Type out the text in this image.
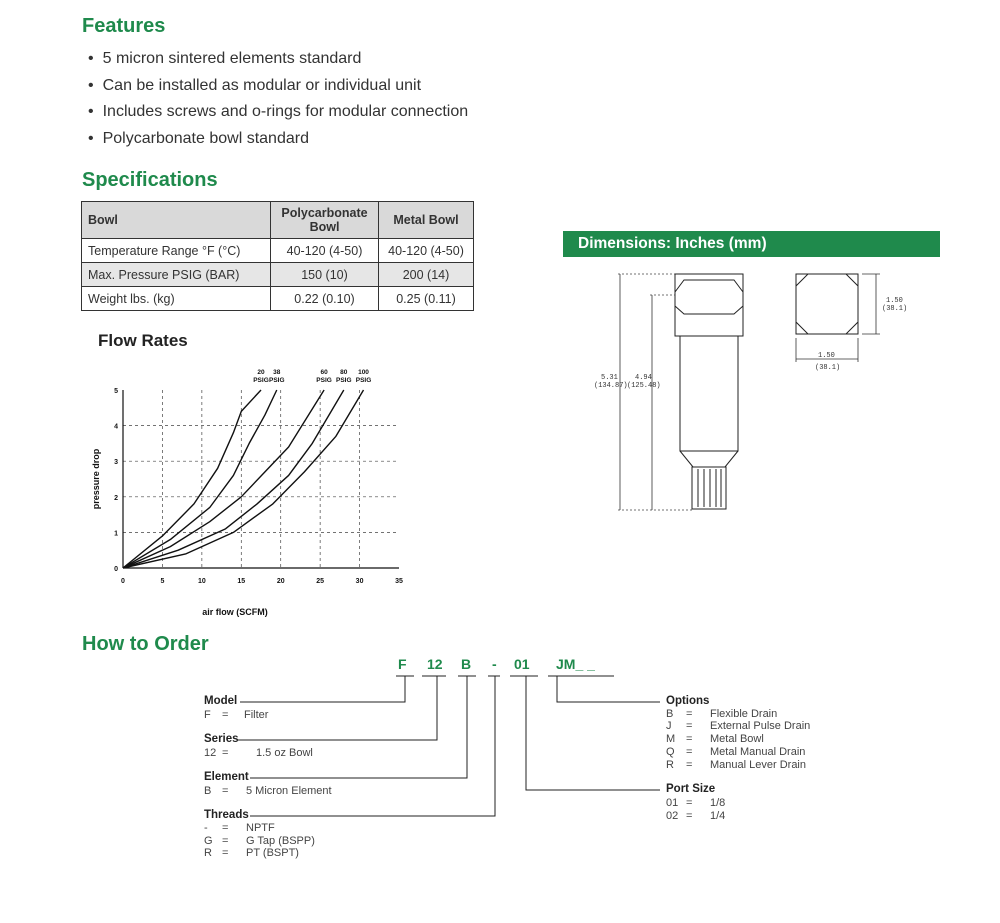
Features
• 5 micron sintered elements standard
• Can be installed as modular or individual unit
• Includes screws and o-rings for modular connection
• Polycarbonate bowl standard
Specifications
Bowl	Polycarbonate Bowl	Metal Bowl
Temperature Range °F (°C)	40-120 (4-50)	40-120 (4-50)
Max. Pressure PSIG (BAR)	150 (10)	200 (14)
Weight lbs. (kg)	0.22 (0.10)	0.25 (0.11)
Flow Rates
0	5	10	15	20	25	30	35
0
1
2
3
4
5
air flow (SCFM)
pressure drop
20
PSIG
38
PSIG
60
PSIG
80
PSIG
100
PSIG
Dimensions: Inches (mm)
5.31
(134.87)
4.94
(125.48)
1.50
(38.1)
1.50
(38.1)
How to Order
F 12 B - 01 JM_ _
Model
F = Filter
Series
12 =	1.5 oz Bowl
Element
B = 5 Micron Element
Threads
- = NPTF
G = G Tap (BSPP)
R = PT (BSPT)
Options
B = Flexible Drain
J = External Pulse Drain
M = Metal Bowl
Q = Metal Manual Drain
R = Manual Lever Drain
Port Size
01 = 1/8
02 = 1/4
